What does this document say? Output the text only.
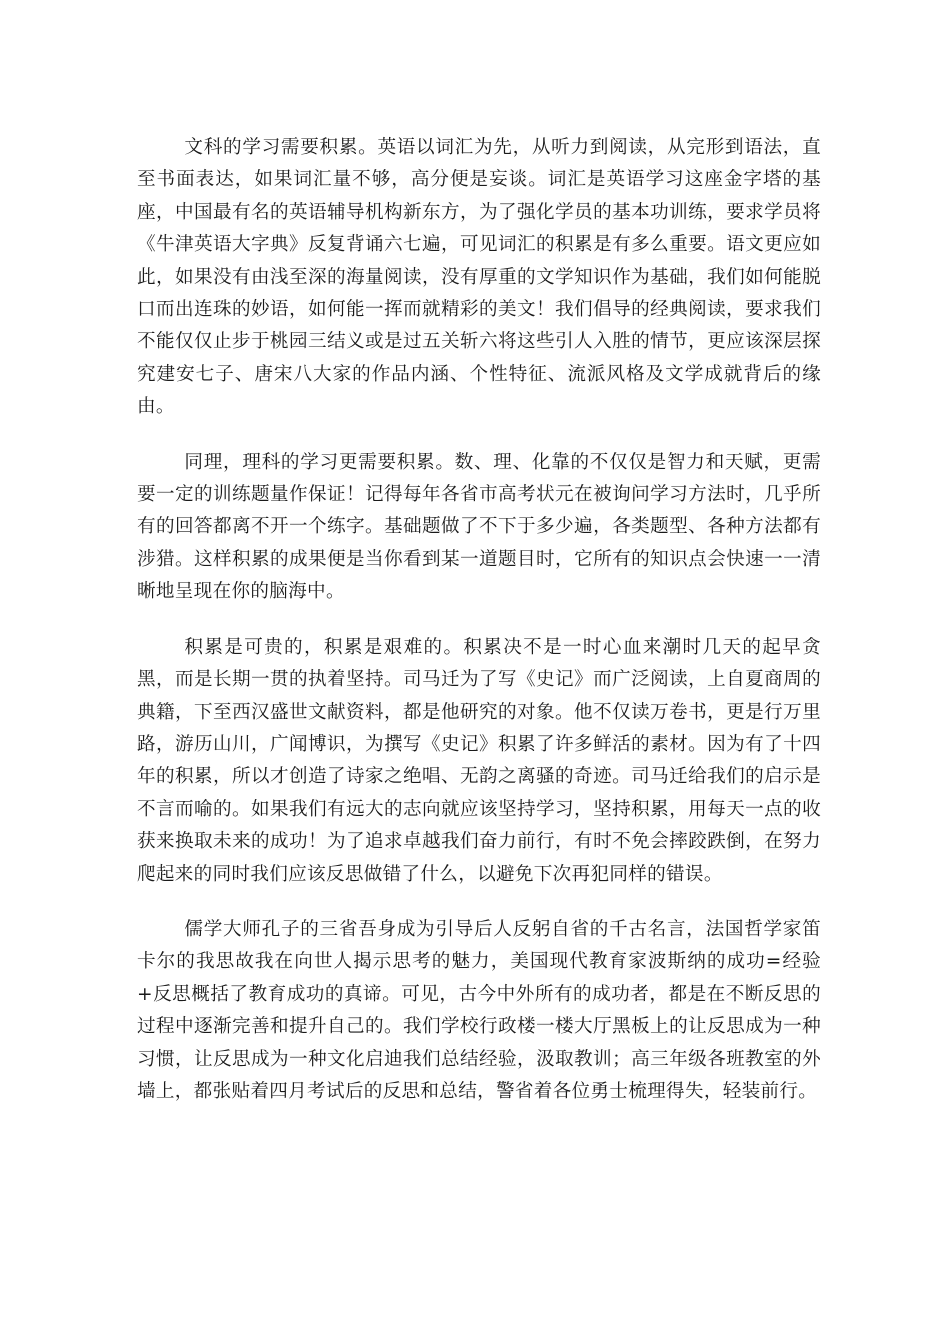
文科的学习需要积累。英语以词汇为先，从听力到阅读，从完形到语法，直至书面表达，如果词汇量不够，高分便是妄谈。词汇是英语学习这座金字塔的基座，中国最有名的英语辅导机构新东方，为了强化学员的基本功训练，要求学员将《牛津英语大字典》反复背诵六七遍，可见词汇的积累是有多么重要。语文更应如此，如果没有由浅至深的海量阅读，没有厚重的文学知识作为基础，我们如何能脱口而出连珠的妙语，如何能一挥而就精彩的美文！我们倡导的经典阅读，要求我们不能仅仅止步于桃园三结义或是过五关斩六将这些引人入胜的情节，更应该深层探究建安七子、唐宋八大家的作品内涵、个性特征、流派风格及文学成就背后的缘由。

同理，理科的学习更需要积累。数、理、化靠的不仅仅是智力和天赋，更需要一定的训练题量作保证！记得每年各省市高考状元在被询问学习方法时，几乎所有的回答都离不开一个练字。基础题做了不下于多少遍，各类题型、各种方法都有涉猎。这样积累的成果便是当你看到某一道题目时，它所有的知识点会快速一一清晰地呈现在你的脑海中。

积累是可贵的，积累是艰难的。积累决不是一时心血来潮时几天的起早贪黑，而是长期一贯的执着坚持。司马迁为了写《史记》而广泛阅读，上自夏商周的典籍，下至西汉盛世文献资料，都是他研究的对象。他不仅读万卷书，更是行万里路，游历山川，广闻博识，为撰写《史记》积累了许多鲜活的素材。因为有了十四年的积累，所以才创造了诗家之绝唱、无韵之离骚的奇迹。司马迁给我们的启示是不言而喻的。如果我们有远大的志向就应该坚持学习，坚持积累，用每天一点的收获来换取未来的成功！为了追求卓越我们奋力前行，有时不免会摔跤跌倒，在努力爬起来的同时我们应该反思做错了什么，以避免下次再犯同样的错误。

儒学大师孔子的三省吾身成为引导后人反躬自省的千古名言，法国哲学家笛卡尔的我思故我在向世人揭示思考的魅力，美国现代教育家波斯纳的成功=经验+反思概括了教育成功的真谛。可见，古今中外所有的成功者，都是在不断反思的过程中逐渐完善和提升自己的。我们学校行政楼一楼大厅黑板上的让反思成为一种习惯，让反思成为一种文化启迪我们总结经验，汲取教训；高三年级各班教室的外墙上，都张贴着四月考试后的反思和总结，警省着各位勇士梳理得失，轻装前行。
